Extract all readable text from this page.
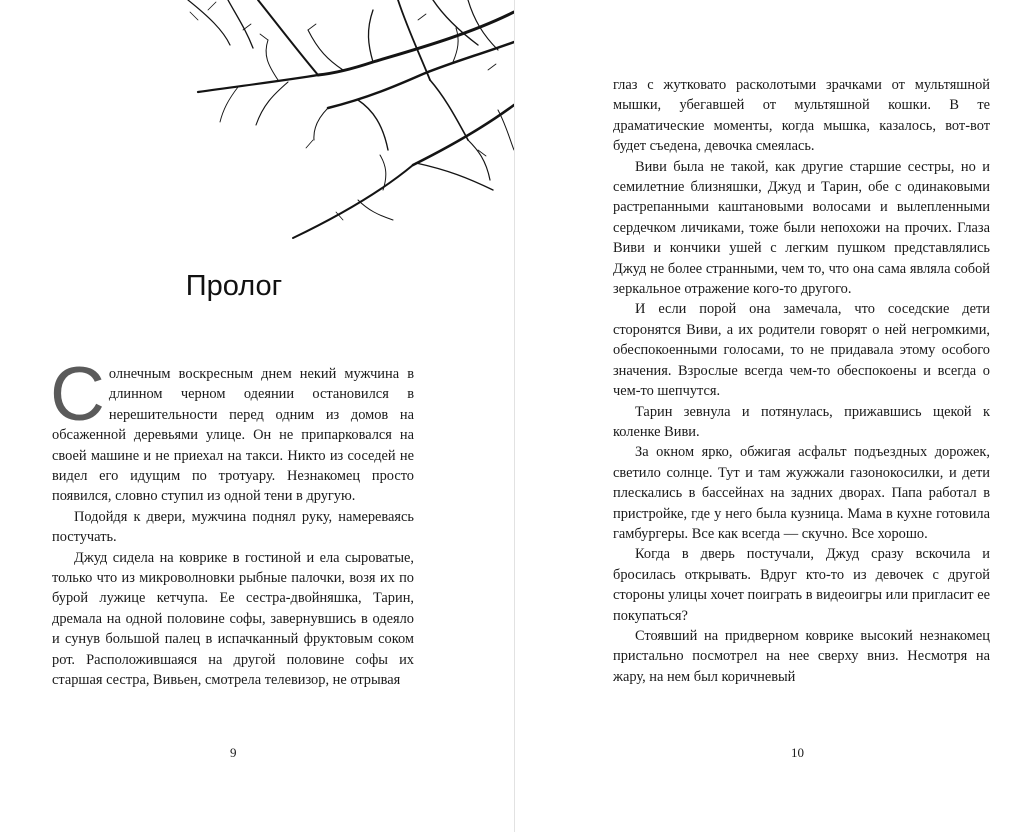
Пролог

Солнечным воскресным днем некий мужчина в длинном черном одеянии остановился в нерешительности перед одним из домов на обсаженной деревьями улице. Он не припарковался на своей машине и не приехал на такси. Никто из соседей не видел его идущим по тротуару. Незнакомец просто появился, словно ступил из одной тени в другую.

Подойдя к двери, мужчина поднял руку, намереваясь постучать.

Джуд сидела на коврике в гостиной и ела сыроватые, только что из микроволновки рыбные палочки, возя их по бурой лужице кетчупа. Ее сестра-двойняшка, Тарин, дремала на одной половине софы, завернувшись в одеяло и сунув большой палец в испачканный фруктовым соком рот. Расположившаяся на другой половине софы их старшая сестра, Вивьен, смотрела телевизор, не отрывая

9

глаз с жутковато расколотыми зрачками от мультяшной мышки, убегавшей от мультяшной кошки. В те драматические моменты, когда мышка, казалось, вот-вот будет съедена, девочка смеялась.

Виви была не такой, как другие старшие сестры, но и семилетние близняшки, Джуд и Тарин, обе с одинаковыми растрепанными каштановыми волосами и вылепленными сердечком личиками, тоже были непохожи на прочих. Глаза Виви и кончики ушей с легким пушком представлялись Джуд не более странными, чем то, что она сама являла собой зеркальное отражение кого-то другого.

И если порой она замечала, что соседские дети сторонятся Виви, а их родители говорят о ней негромкими, обеспокоенными голосами, то не придавала этому особого значения. Взрослые всегда чем-то обеспокоены и всегда о чем-то шепчутся.

Тарин зевнула и потянулась, прижавшись щекой к коленке Виви.

За окном ярко, обжигая асфальт подъездных дорожек, светило солнце. Тут и там жужжали газонокосилки, и дети плескались в бассейнах на задних дворах. Папа работал в пристройке, где у него была кузница. Мама в кухне готовила гамбургеры. Все как всегда — скучно. Все хорошо.

Когда в дверь постучали, Джуд сразу вскочила и бросилась открывать. Вдруг кто-то из девочек с другой стороны улицы хочет поиграть в видеоигры или пригласит ее покупаться?

Стоявший на придверном коврике высокий незнакомец пристально посмотрел на нее сверху вниз. Несмотря на жару, на нем был коричневый

10
